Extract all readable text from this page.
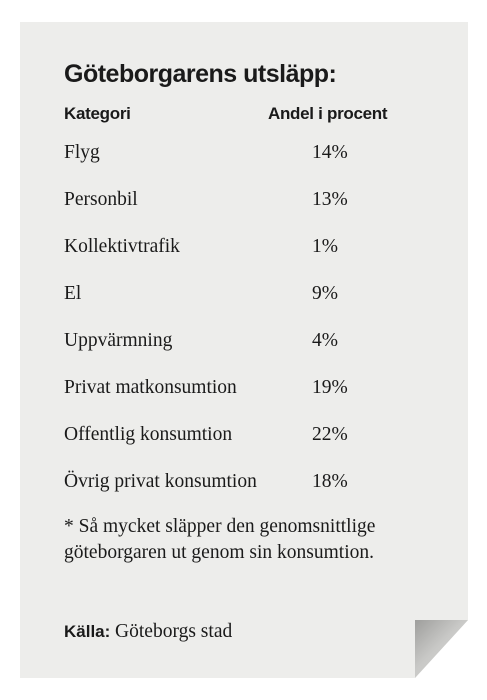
Göteborgarens utsläpp:
Kategori	Andel i procent
Flyg	14%
Personbil	13%
Kollektivtrafik	1%
El	9%
Uppvärmning	4%
Privat matkonsumtion	19%
Offentlig konsumtion	22%
Övrig privat konsumtion	18%

* Så mycket släpper den genomsnittlige göteborgaren ut genom sin konsumtion.

Källa: Göteborgs stad
